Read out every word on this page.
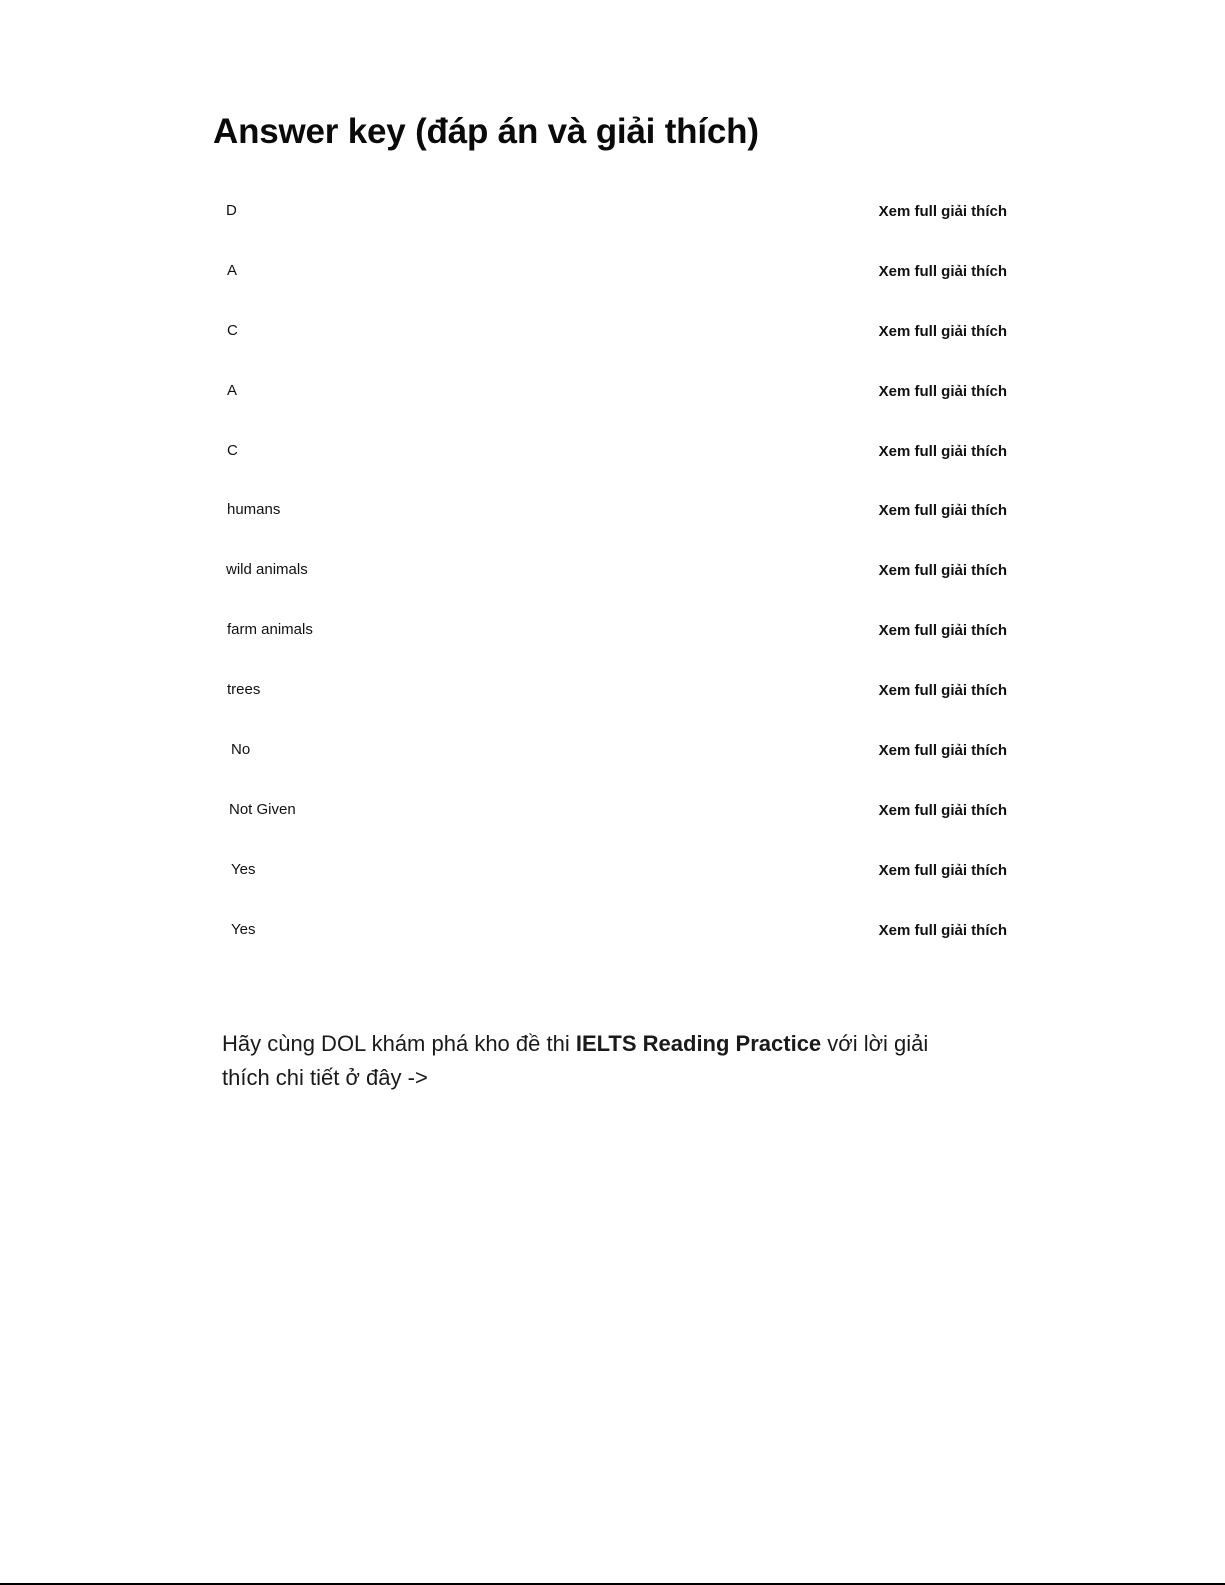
Answer key (đáp án và giải thích)
D	Xem full giải thích
A	Xem full giải thích
C	Xem full giải thích
A	Xem full giải thích
C	Xem full giải thích
humans	Xem full giải thích
wild animals	Xem full giải thích
farm animals	Xem full giải thích
trees	Xem full giải thích
No	Xem full giải thích
Not Given	Xem full giải thích
Yes	Xem full giải thích
Yes	Xem full giải thích

Hãy cùng DOL khám phá kho đề thi IELTS Reading Practice với lời giải thích chi tiết ở đây ->
